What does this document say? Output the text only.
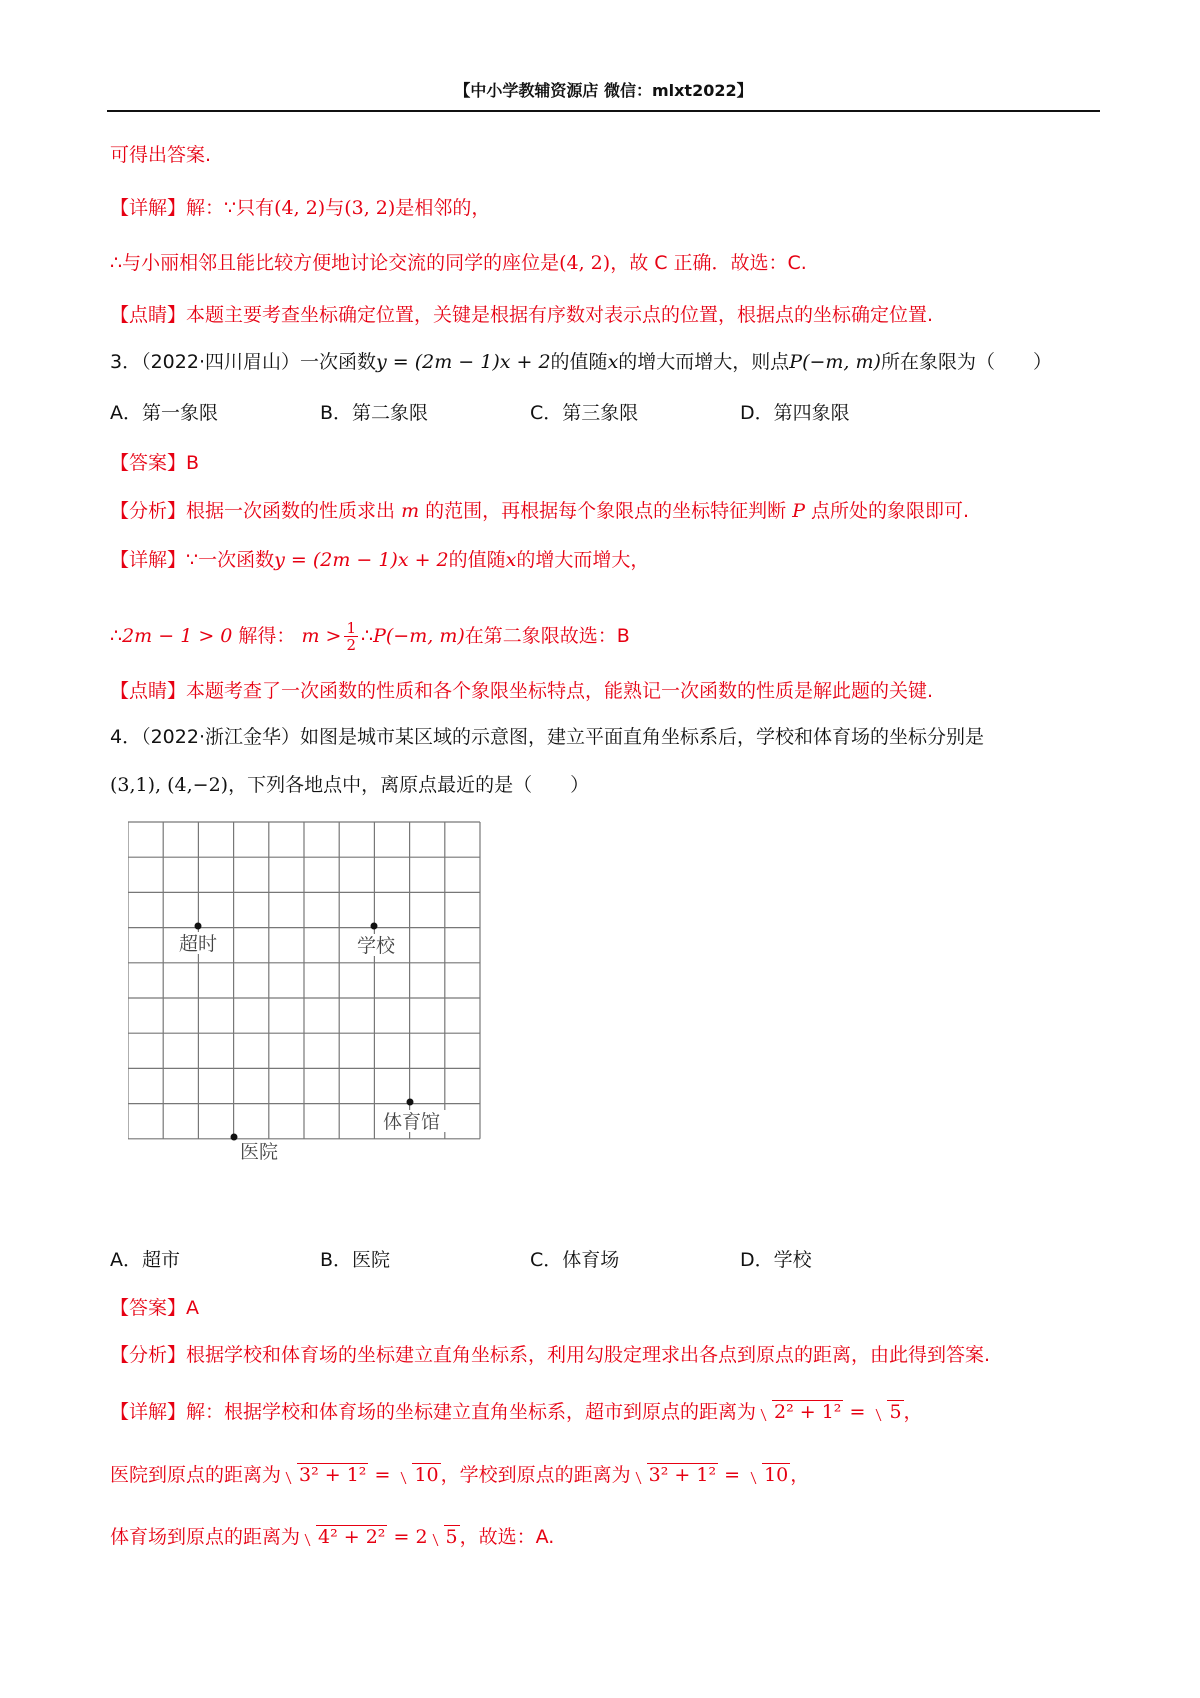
【中小学教辅资源店 微信：mlxt2022】
可得出答案.
【详解】解：∵只有(4, 2)与(3, 2)是相邻的，
∴与小丽相邻且能比较方便地讨论交流的同学的座位是(4, 2)，故 C 正确．故选：C.
【点睛】本题主要考查坐标确定位置，关键是根据有序数对表示点的位置，根据点的坐标确定位置.
3．（2022·四川眉山）一次函数y = (2m − 1)x + 2的值随x的增大而增大，则点P(−m, m)所在象限为（　　）
A．第一象限	B．第二象限	C．第三象限	D．第四象限
【答案】B
【分析】根据一次函数的性质求出 m 的范围，再根据每个象限点的坐标特征判断 P 点所处的象限即可.
【详解】∵一次函数y = (2m − 1)x + 2的值随x的增大而增大，
∴2m − 1 > 0 解得： $m > \frac{1}{2}$ ∴P(−m, m)在第二象限故选：B
【点睛】本题考查了一次函数的性质和各个象限坐标特点，能熟记一次函数的性质是解此题的关键.
4．（2022·浙江金华）如图是城市某区域的示意图，建立平面直角坐标系后，学校和体育场的坐标分别是
(3,1), (4,−2)，下列各地点中，离原点最近的是（　　）
超时	学校
体育馆
医院
A．超市	B．医院	C．体育场	D．学校
【答案】A
【分析】根据学校和体育场的坐标建立直角坐标系，利用勾股定理求出各点到原点的距离，由此得到答案.
【详解】解：根据学校和体育场的坐标建立直角坐标系，超市到原点的距离为 2² + 1² = 5 ，
医院到原点的距离为 3² + 1² = 10 ，学校到原点的距离为 3² + 1² = 10 ，
体育场到原点的距离为 4² + 2² = 2 5 ，故选：A.
